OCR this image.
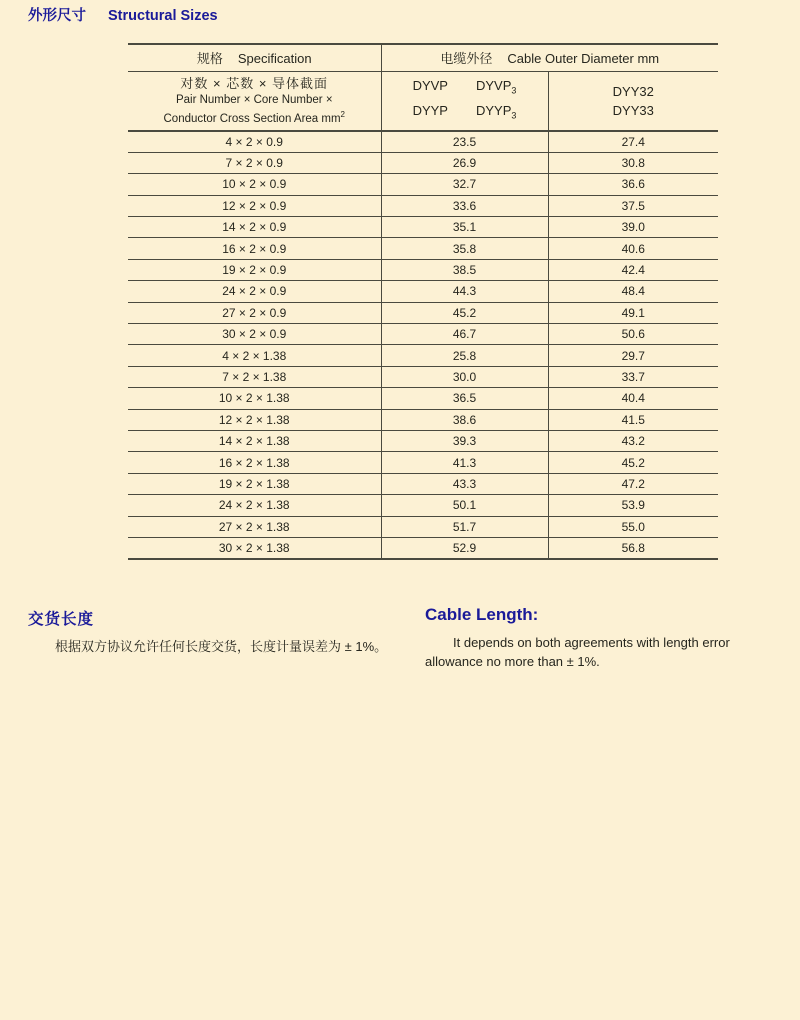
外形尺寸 Structural Sizes
规格 Specification	电缆外径 Cable Outer Diameter mm	

对数 × 芯数 × 导体截面
Pair Number × Core Number ×
Conductor Cross Section Area $mm^2$

DYVP $DYVP_3$
DYYP $DYYP_3$

DYY32
DYY33

4 × 2 × 0.9	23.5	27.4
7 × 2 × 0.9	26.9	30.8
10 × 2 × 0.9	32.7	36.6
12 × 2 × 0.9	33.6	37.5
14 × 2 × 0.9	35.1	39.0
16 × 2 × 0.9	35.8	40.6
19 × 2 × 0.9	38.5	42.4
24 × 2 × 0.9	44.3	48.4
27 × 2 × 0.9	45.2	49.1
30 × 2 × 0.9	46.7	50.6
4 × 2 × 1.38	25.8	29.7
7 × 2 × 1.38	30.0	33.7
10 × 2 × 1.38	36.5	40.4
12 × 2 × 1.38	38.6	41.5
14 × 2 × 1.38	39.3	43.2
16 × 2 × 1.38	41.3	45.2
19 × 2 × 1.38	43.3	47.2
24 × 2 × 1.38	50.1	53.9
27 × 2 × 1.38	51.7	55.0
30 × 2 × 1.38	52.9	56.8
交货长度

根据双方协议允许任何长度交货，长度计量误差为 ± 1%。

Cable Length:

It depends on both agreements with length error allowance no more than ± 1%.
